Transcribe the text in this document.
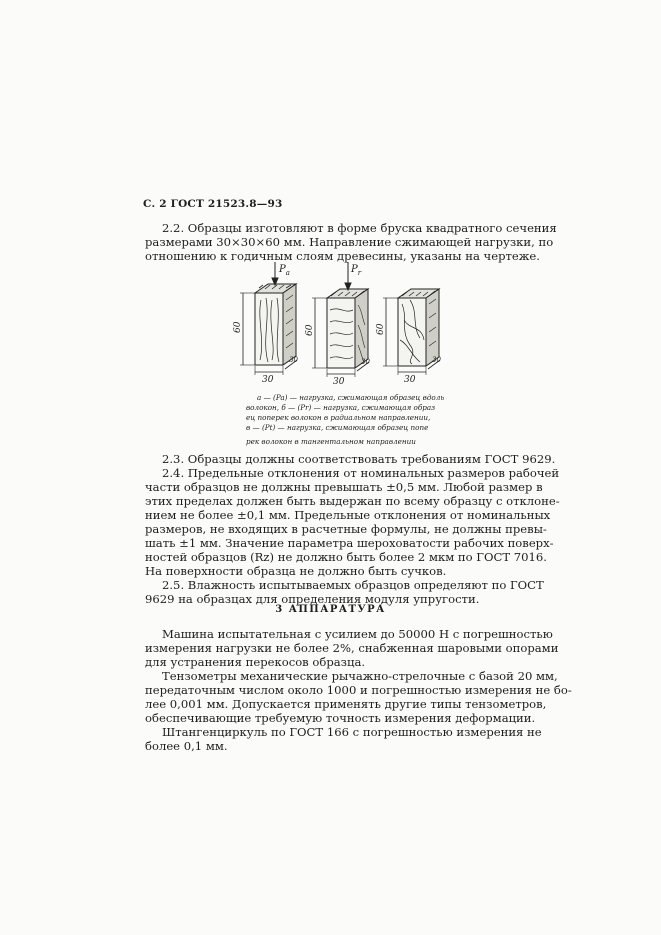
С. 2 ГОСТ 21523.8—93
2.2. Образцы изготовляют в форме бруска квадратного сечения
размерами 30×30×60 мм. Направление сжимающей нагрузки, по
отношению к годичным слоям древесины, указаны на чертеже.
$P_a$	$P_r$
60	60	60
30	30	30
30	30	30
a — (Pa) — нагрузка, сжимающая образец вдоль
волокон, б — (Pr) — нагрузка, сжимающая образ
ец поперек волокон в радиальном направлении,
в — (Pt) — нагрузка, сжимающая образец попе
рек волокон в тангентальном направлении
2.3. Образцы должны соответствовать требованиям ГОСТ 9629.
2.4. Предельные отклонения от номинальных размеров рабочей
части образцов не должны превышать ±0,5 мм. Любой размер в
этих пределах должен быть выдержан по всему образцу с отклоне-
нием не более ±0,1 мм. Предельные отклонения от номинальных
размеров, не входящих в расчетные формулы, не должны превы-
шать ±1 мм. Значение параметра шероховатости рабочих поверх-
ностей образцов (Rz) не должно быть более 2 мкм по ГОСТ 7016.
На поверхности образца не должно быть сучков.
2.5. Влажность испытываемых образцов определяют по ГОСТ
9629 на образцах для определения модуля упругости.
3 АППАРАТУРА
Машина испытательная с усилием до 50000 Н с погрешностью
измерения нагрузки не более 2%, снабженная шаровыми опорами
для устранения перекосов образца.
Тензометры механические рычажно-стрелочные с базой 20 мм,
передаточным числом около 1000 и погрешностью измерения не бо-
лее 0,001 мм. Допускается применять другие типы тензометров,
обеспечивающие требуемую точность измерения деформации.
Штангенциркуль по ГОСТ 166 с погрешностью измерения не
более 0,1 мм.
